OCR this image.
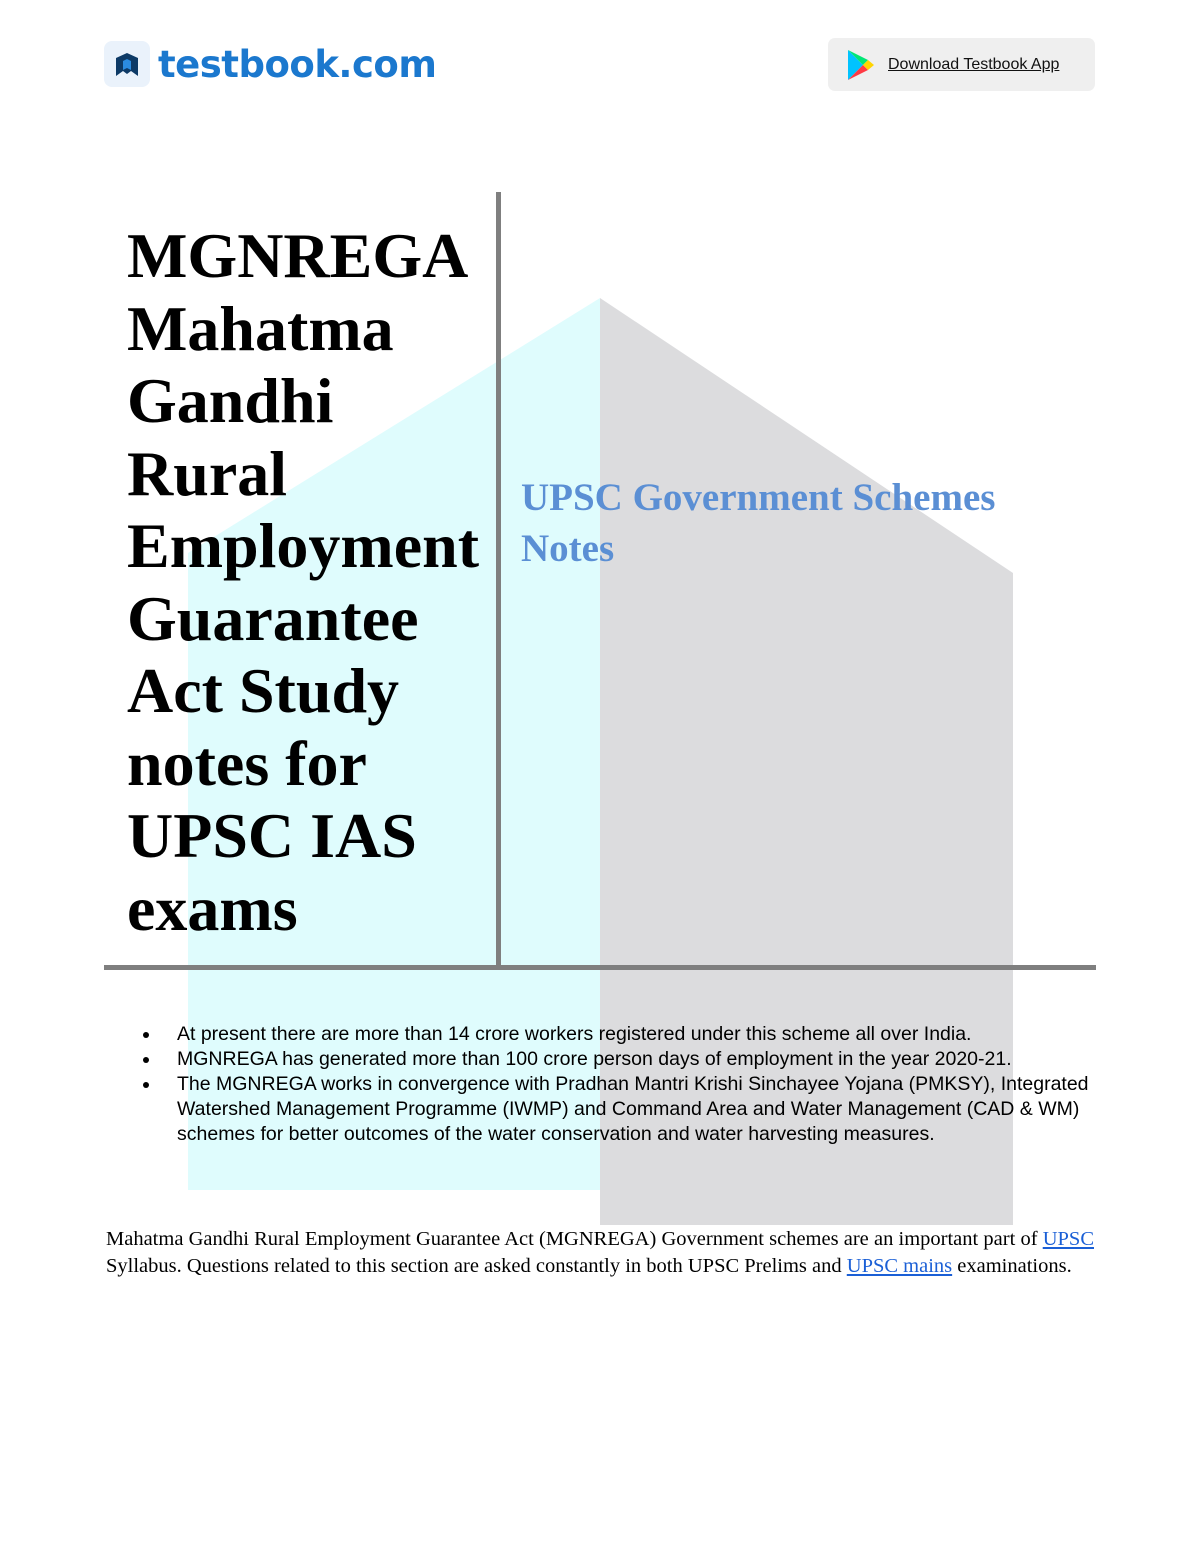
testbook.com	Download Testbook App
MGNREGA Mahatma Gandhi Rural Employment Guarantee Act Study notes for UPSC IAS exams
UPSC Government Schemes Notes
At present there are more than 14 crore workers registered under this scheme all over India.
MGNREGA has generated more than 100 crore person days of employment in the year 2020-21.
The MGNREGA works in convergence with Pradhan Mantri Krishi Sinchayee Yojana (PMKSY), Integrated Watershed Management Programme (IWMP) and Command Area and Water Management (CAD & WM) schemes for better outcomes of the water conservation and water harvesting measures.

Mahatma Gandhi Rural Employment Guarantee Act (MGNREGA) Government schemes are an important part of UPSC Syllabus. Questions related to this section are asked constantly in both UPSC Prelims and UPSC mains examinations.
